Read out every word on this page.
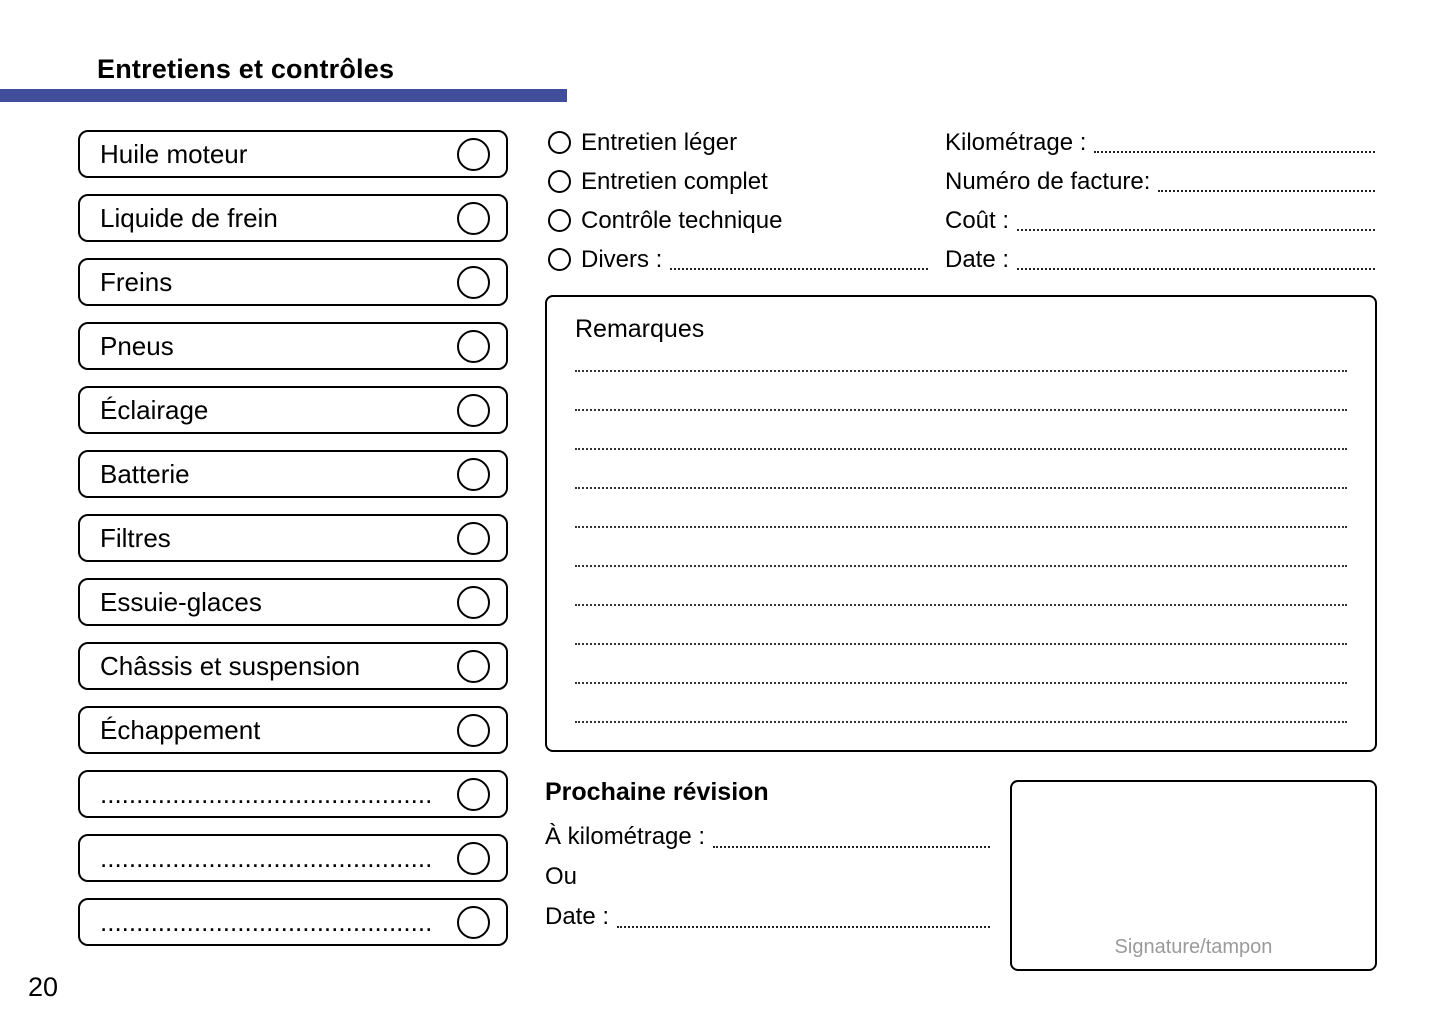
Entretiens et contrôles
Huile moteur
Liquide de frein
Freins
Pneus
Éclairage
Batterie
Filtres
Essuie-glaces
Châssis et suspension
Échappement
..............................................
..............................................
..............................................
Entretien léger
Entretien complet
Contrôle technique
Divers :
Kilométrage :
Numéro de facture:
Coût :
Date :
Remarques
Prochaine révision
À kilométrage :
Ou
Date :
Signature/tampon
20
